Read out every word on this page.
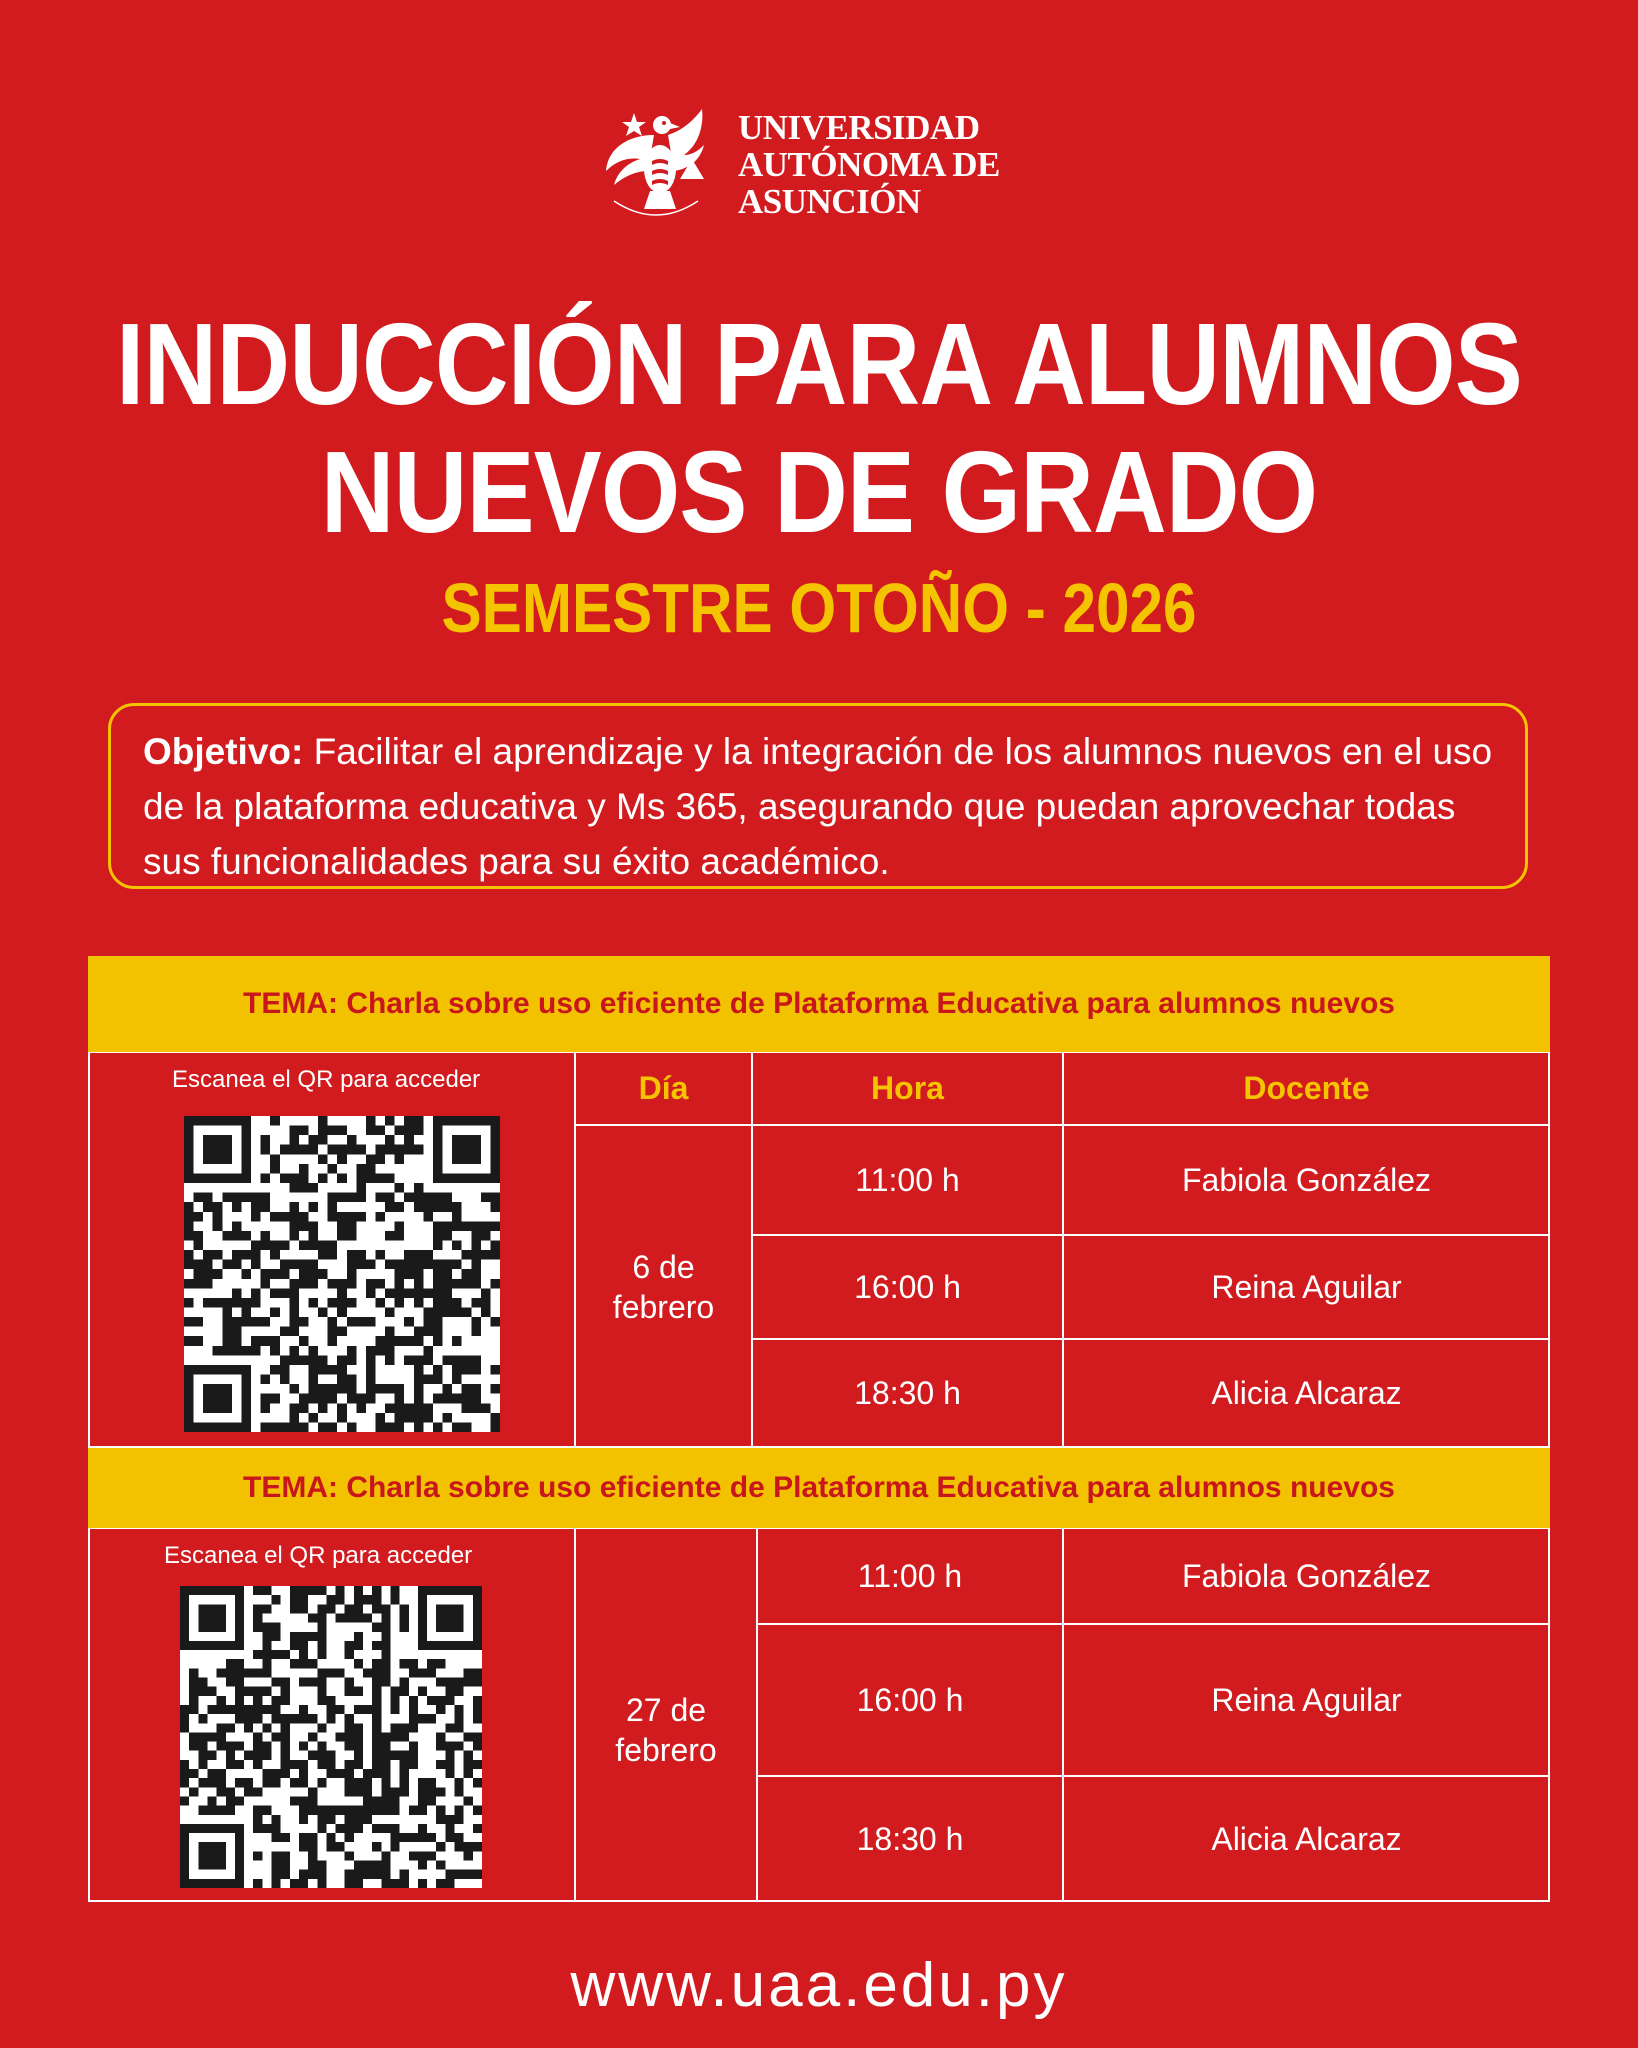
UNIVERSIDAD
AUTÓNOMA DE
ASUNCIÓN
INDUCCIÓN PARA ALUMNOS
NUEVOS DE GRADO
SEMESTRE OTOÑO - 2026
Objetivo: Facilitar el aprendizaje y la integración de los alumnos nuevos en el uso de la plataforma educativa y Ms 365, asegurando que puedan aprovechar todas sus funcionalidades para su éxito académico.
TEMA: Charla sobre uso eficiente de Plataforma Educativa para alumnos nuevos
Escanea el QR para acceder	Día	Hora	Docente
6 de
febrero
11:00 h	Fabiola González
16:00 h	Reina Aguilar
18:30 h	Alicia Alcaraz
TEMA: Charla sobre uso eficiente de Plataforma Educativa para alumnos nuevos
Escanea el QR para acceder
27 de
febrero
11:00 h	Fabiola González
16:00 h	Reina Aguilar
18:30 h	Alicia Alcaraz
www.uaa.edu.py
